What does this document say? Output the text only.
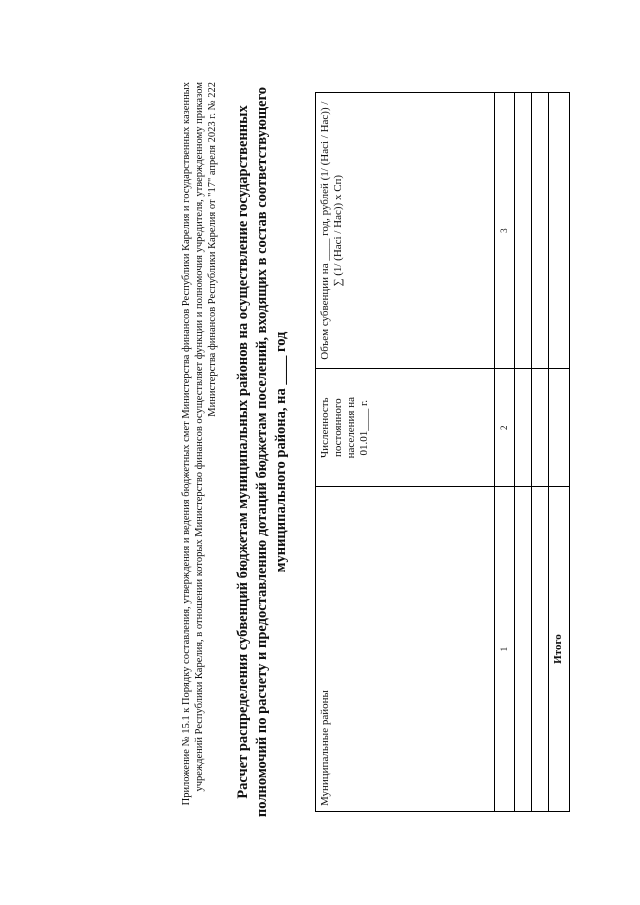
Приложение № 15.1 к Порядку составления, утверждения и ведения бюджетных смет Министерства финансов Республики Карелия и государственных казенных учреждений Республики Карелия, в отношении которых Министерство финансов осуществляет функции и полномочия учредителя, утвержденному приказом Министерства финансов Республики Карелия от "17" апреля 2023 г. № 222 Расчет распределения субвенций бюджетам муниципальных районов на осуществление государственных полномочий по расчету и предоставлению дотаций бюджетам поселений, входящих в состав соответствующего муниципального района, на ____ год
Муниципальные районы	Численность постоянного населения на 01.01____ г.	Объем субвенции на ____ год, рублей (1/ (Насі / Нас)) / ∑ (1/ (Насі / Нас)) х Сп)
1	2	3

Итого		
